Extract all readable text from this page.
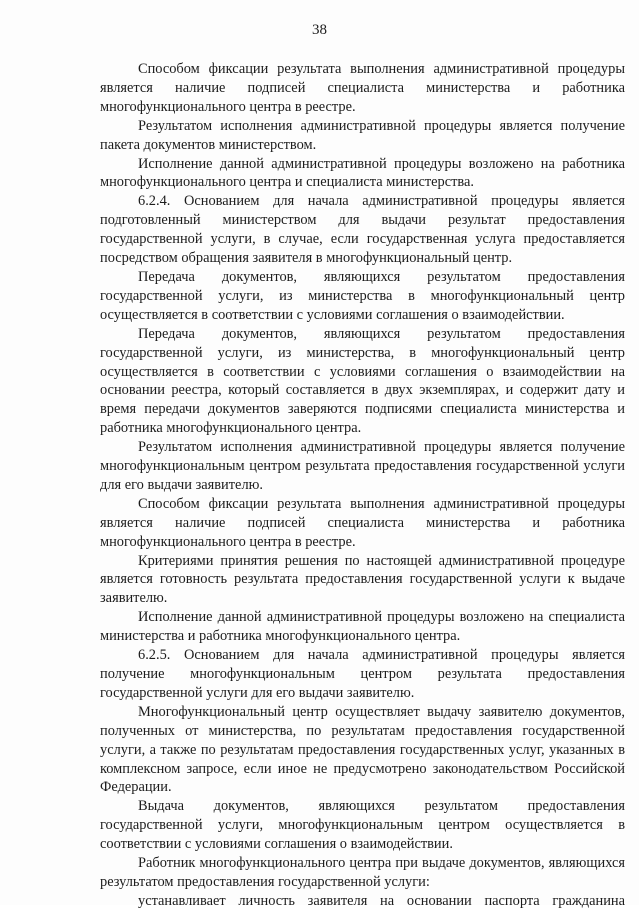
38

Способом фиксации результата выполнения административной процедуры является наличие подписей специалиста министерства и работника многофункционального центра в реестре.

Результатом исполнения административной процедуры является получение пакета документов министерством.

Исполнение данной административной процедуры возложено на работника многофункционального центра и специалиста министерства.

6.2.4. Основанием для начала административной процедуры является подготовленный министерством для выдачи результат предоставления государственной услуги, в случае, если государственная услуга предоставляется посредством обращения заявителя в многофункциональный центр.

Передача документов, являющихся результатом предоставления государственной услуги, из министерства в многофункциональный центр осуществляется в соответствии с условиями соглашения о взаимодействии.

Передача документов, являющихся результатом предоставления государственной услуги, из министерства, в многофункциональный центр осуществляется в соответствии с условиями соглашения о взаимодействии на основании реестра, который составляется в двух экземплярах, и содержит дату и время передачи документов заверяются подписями специалиста министерства и работника многофункционального центра.

Результатом исполнения административной процедуры является получение многофункциональным центром результата предоставления государственной услуги для его выдачи заявителю.

Способом фиксации результата выполнения административной процедуры является наличие подписей специалиста министерства и работника многофункционального центра в реестре.

Критериями принятия решения по настоящей административной процедуре является готовность результата предоставления государственной услуги к выдаче заявителю.

Исполнение данной административной процедуры возложено на специалиста министерства и работника многофункционального центра.

6.2.5. Основанием для начала административной процедуры является получение многофункциональным центром результата предоставления государственной услуги для его выдачи заявителю.

Многофункциональный центр осуществляет выдачу заявителю документов, полученных от министерства, по результатам предоставления государственной услуги, а также по результатам предоставления государственных услуг, указанных в комплексном запросе, если иное не предусмотрено законодательством Российской Федерации.

Выдача документов, являющихся результатом предоставления государственной услуги, многофункциональным центром осуществляется в соответствии с условиями соглашения о взаимодействии.

Работник многофункционального центра при выдаче документов, являющихся результатом предоставления государственной услуги:

устанавливает личность заявителя на основании паспорта гражданина
